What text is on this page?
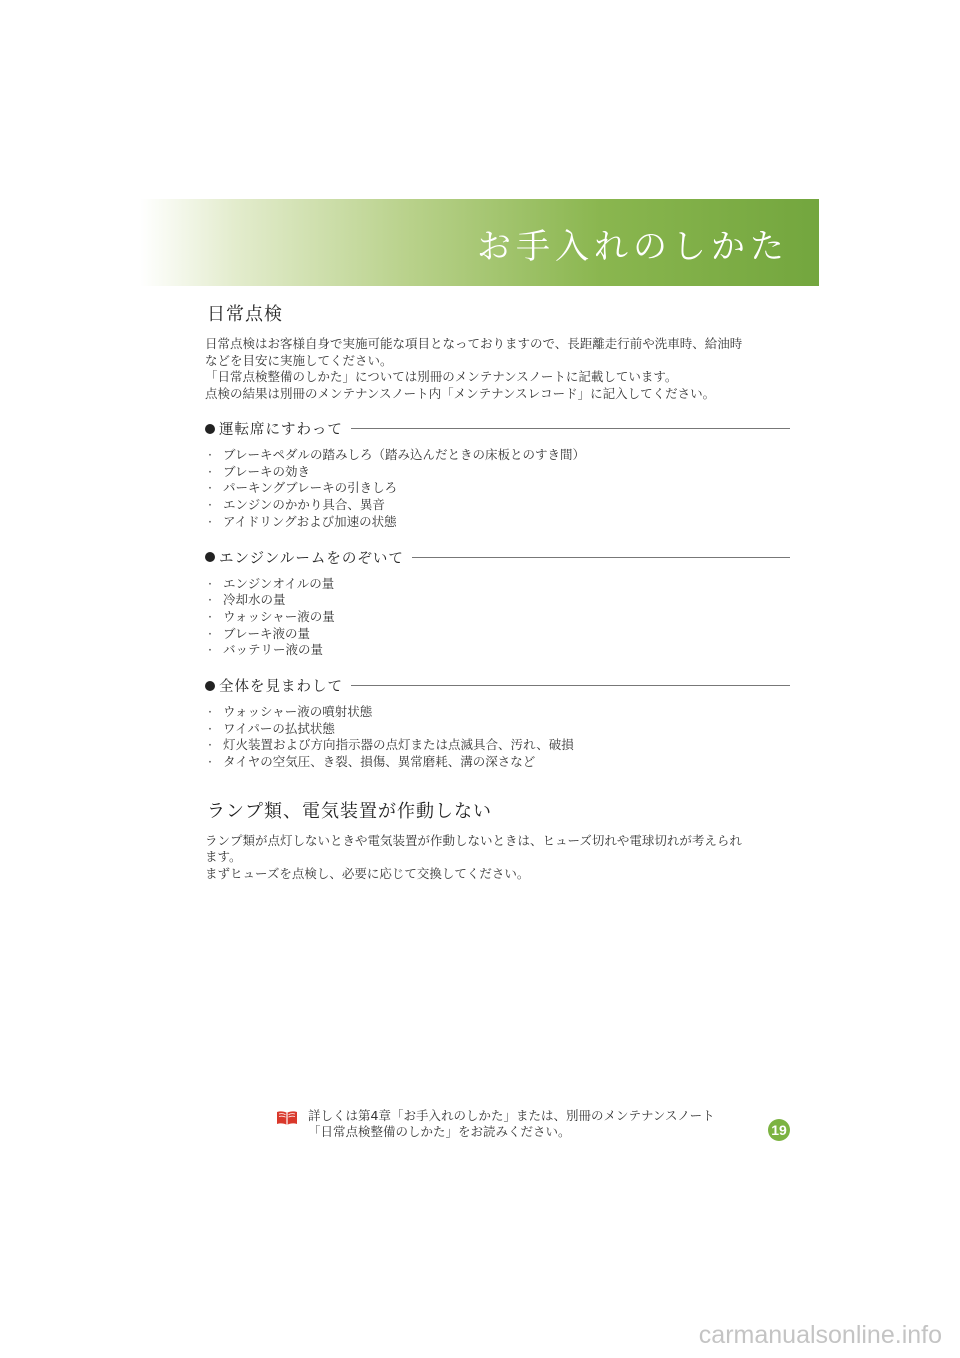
お手入れのしかた
日常点検

日常点検はお客様自身で実施可能な項目となっておりますので、長距離走行前や洗車時、給油時

などを目安に実施してください。

「日常点検整備のしかた」については別冊のメンテナンスノートに記載しています。

点検の結果は別冊のメンテナンスノート内「メンテナンスレコード」に記入してください。

運転席にすわって
· ブレーキペダルの踏みしろ（踏み込んだときの床板とのすき間）
· ブレーキの効き
· パーキングブレーキの引きしろ
· エンジンのかかり具合、異音
· アイドリングおよび加速の状態
エンジンルームをのぞいて
· エンジンオイルの量
· 冷却水の量
· ウォッシャー液の量
· ブレーキ液の量
· バッテリー液の量
全体を見まわして
· ウォッシャー液の噴射状態
· ワイパーの払拭状態
· 灯火装置および方向指示器の点灯または点滅具合、汚れ、破損
· タイヤの空気圧、き裂、損傷、異常磨耗、溝の深さなど
ランプ類、電気装置が作動しない

ランプ類が点灯しないときや電気装置が作動しないときは、ヒューズ切れや電球切れが考えられ

ます。

まずヒューズを点検し、必要に応じて交換してください。

詳しくは第4章「お手入れのしかた」または、別冊のメンテナンスノート

「日常点検整備のしかた」をお読みください。	19
carmanualsonline.info
